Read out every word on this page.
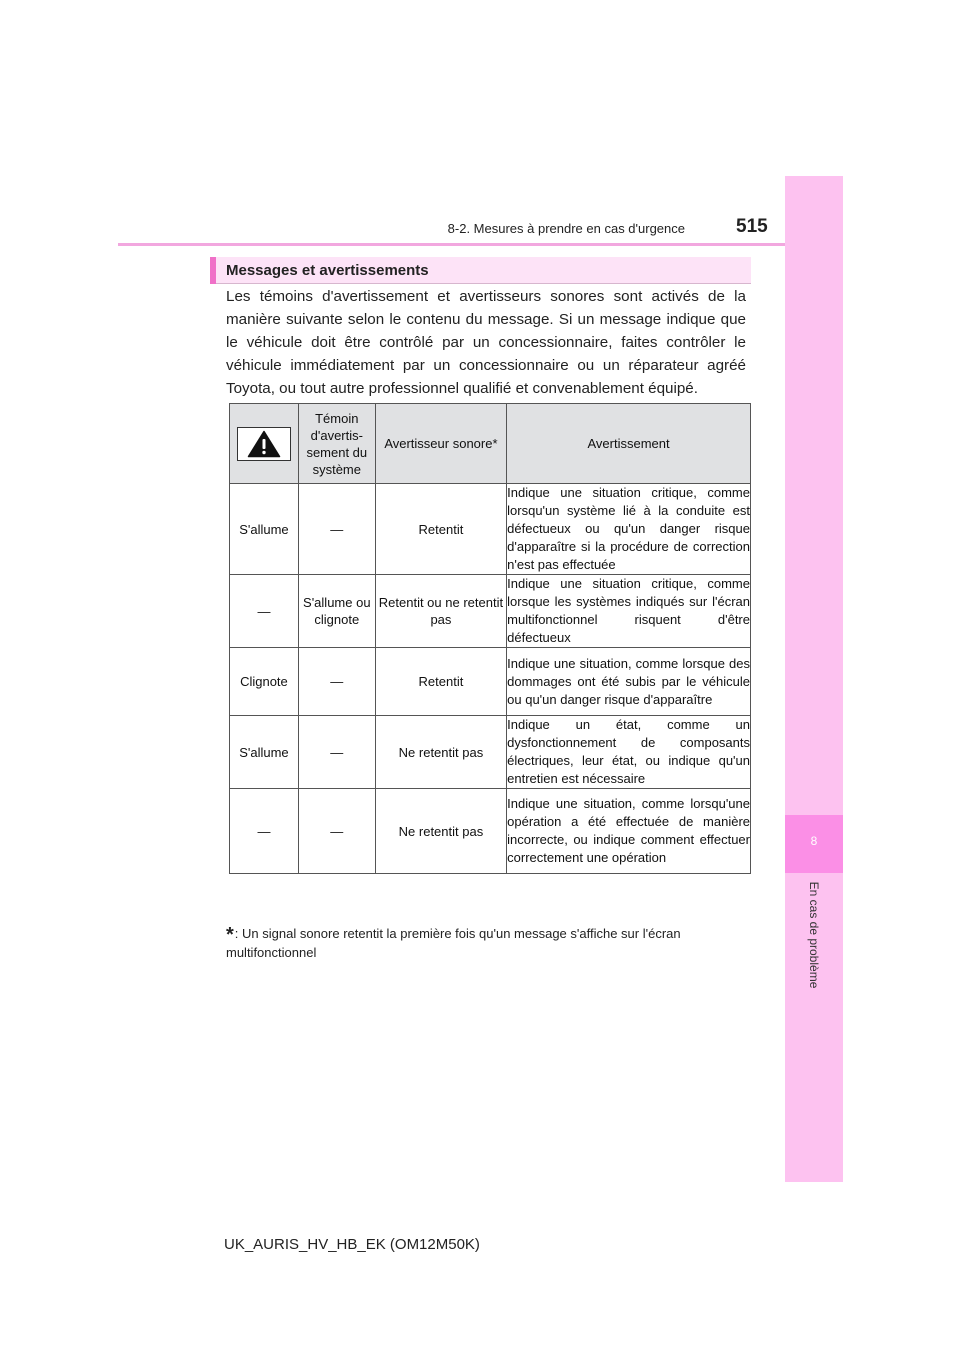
8-2. Mesures à prendre en cas d'urgence	515
8
En cas de problème
Messages et avertissements
Les témoins d'avertissement et avertisseurs sonores sont activés de la manière suivante selon le contenu du message. Si un message indique que le véhicule doit être contrôlé par un concessionnaire, faites contrôler le véhicule immédiatement par un concessionnaire ou un réparateur agréé Toyota, ou tout autre professionnel qualifié et convenablement équipé.
	Témoin d'avertis-sement du système	Avertisseur sonore*	Avertissement
S'allume	—	Retentit	Indique une situation critique, comme lorsqu'un système lié à la conduite est défectueux ou qu'un danger risque d'apparaître si la procédure de correction n'est pas effectuée
—	S'allume ou clignote	Retentit ou ne retentit pas	Indique une situation critique, comme lorsque les systèmes indiqués sur l'écran multifonctionnel risquent d'être défectueux
Clignote	—	Retentit	Indique une situation, comme lorsque des dommages ont été subis par le véhicule ou qu'un danger risque d'apparaître
S'allume	—	Ne retentit pas	Indique un état, comme un dysfonctionnement de composants électriques, leur état, ou indique qu'un entretien est nécessaire
—	—	Ne retentit pas	Indique une situation, comme lorsqu'une opération a été effectuée de manière incorrecte, ou indique comment effectuer correctement une opération
*: Un signal sonore retentit la première fois qu'un message s'affiche sur l'écran multifonctionnel
UK_AURIS_HV_HB_EK (OM12M50K)
